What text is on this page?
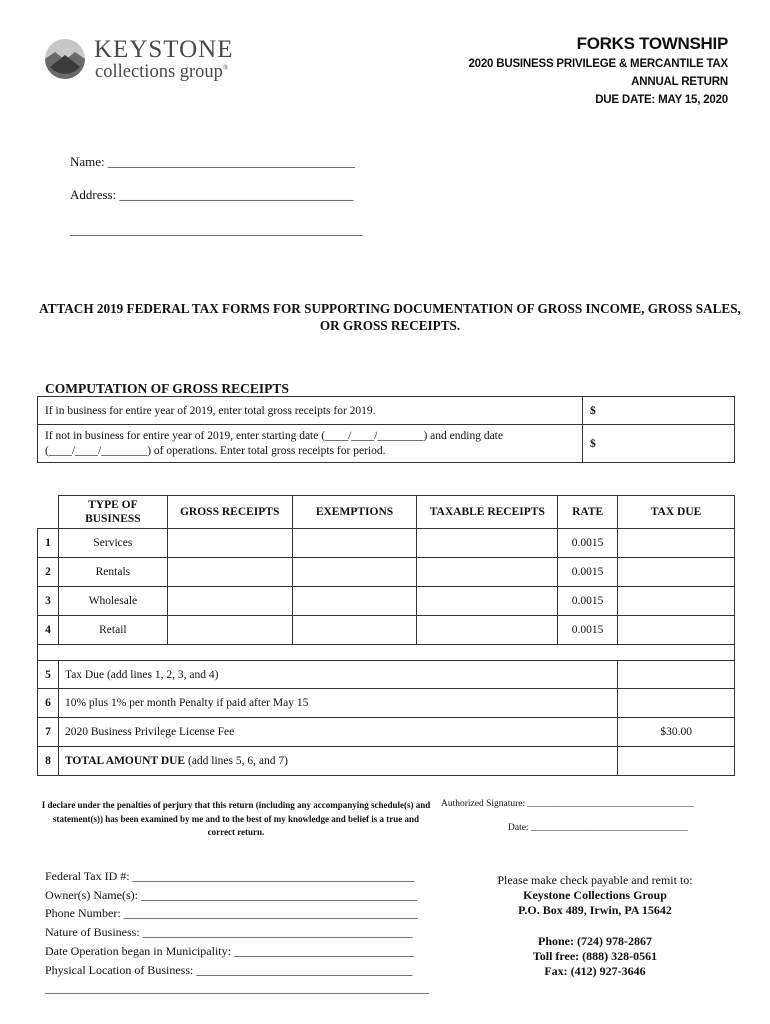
KEYSTONE
collections group®
FORKS TOWNSHIP
2020 BUSINESS PRIVILEGE & MERCANTILE TAX
ANNUAL RETURN
DUE DATE: MAY 15, 2020
Name: ______________________________________
Address: ____________________________________
_____________________________________________
ATTACH 2019 FEDERAL TAX FORMS FOR SUPPORTING DOCUMENTATION OF GROSS INCOME, GROSS SALES, OR GROSS RECEIPTS.
COMPUTATION OF GROSS RECEIPTS
If in business for entire year of 2019, enter total gross receipts for 2019.	$
If not in business for entire year of 2019, enter starting date (____/____/________) and ending date (____/____/________) of operations. Enter total gross receipts for period.	$
	TYPE OF BUSINESS	GROSS RECEIPTS	EXEMPTIONS	TAXABLE RECEIPTS	RATE	TAX DUE
1	Services				0.0015	
2	Rentals				0.0015	
3	Wholesale				0.0015	
4	Retail				0.0015	

5	Tax Due (add lines 1, 2, 3, and 4)					
6	10% plus 1% per month Penalty if paid after May 15					
7	2020 Business Privilege License Fee					$30.00
8	TOTAL AMOUNT DUE (add lines 5, 6, and 7)					
I declare under the penalties of perjury that this return (including any accompanying schedule(s) and statement(s)) has been examined by me and to the best of my knowledge and belief is a true and correct return.
Authorized Signature: ___________________________________
Date: _________________________________
Federal Tax ID #: _______________________________________________
Owner(s) Name(s): ______________________________________________
Phone Number: _________________________________________________
Nature of Business: _____________________________________________
Date Operation began in Municipality: ______________________________
Physical Location of Business: ____________________________________
________________________________________________________________
Please make check payable and remit to:
Keystone Collections Group
P.O. Box 489, Irwin, PA 15642
Phone: (724) 978-2867
Toll free: (888) 328-0561
Fax: (412) 927-3646
